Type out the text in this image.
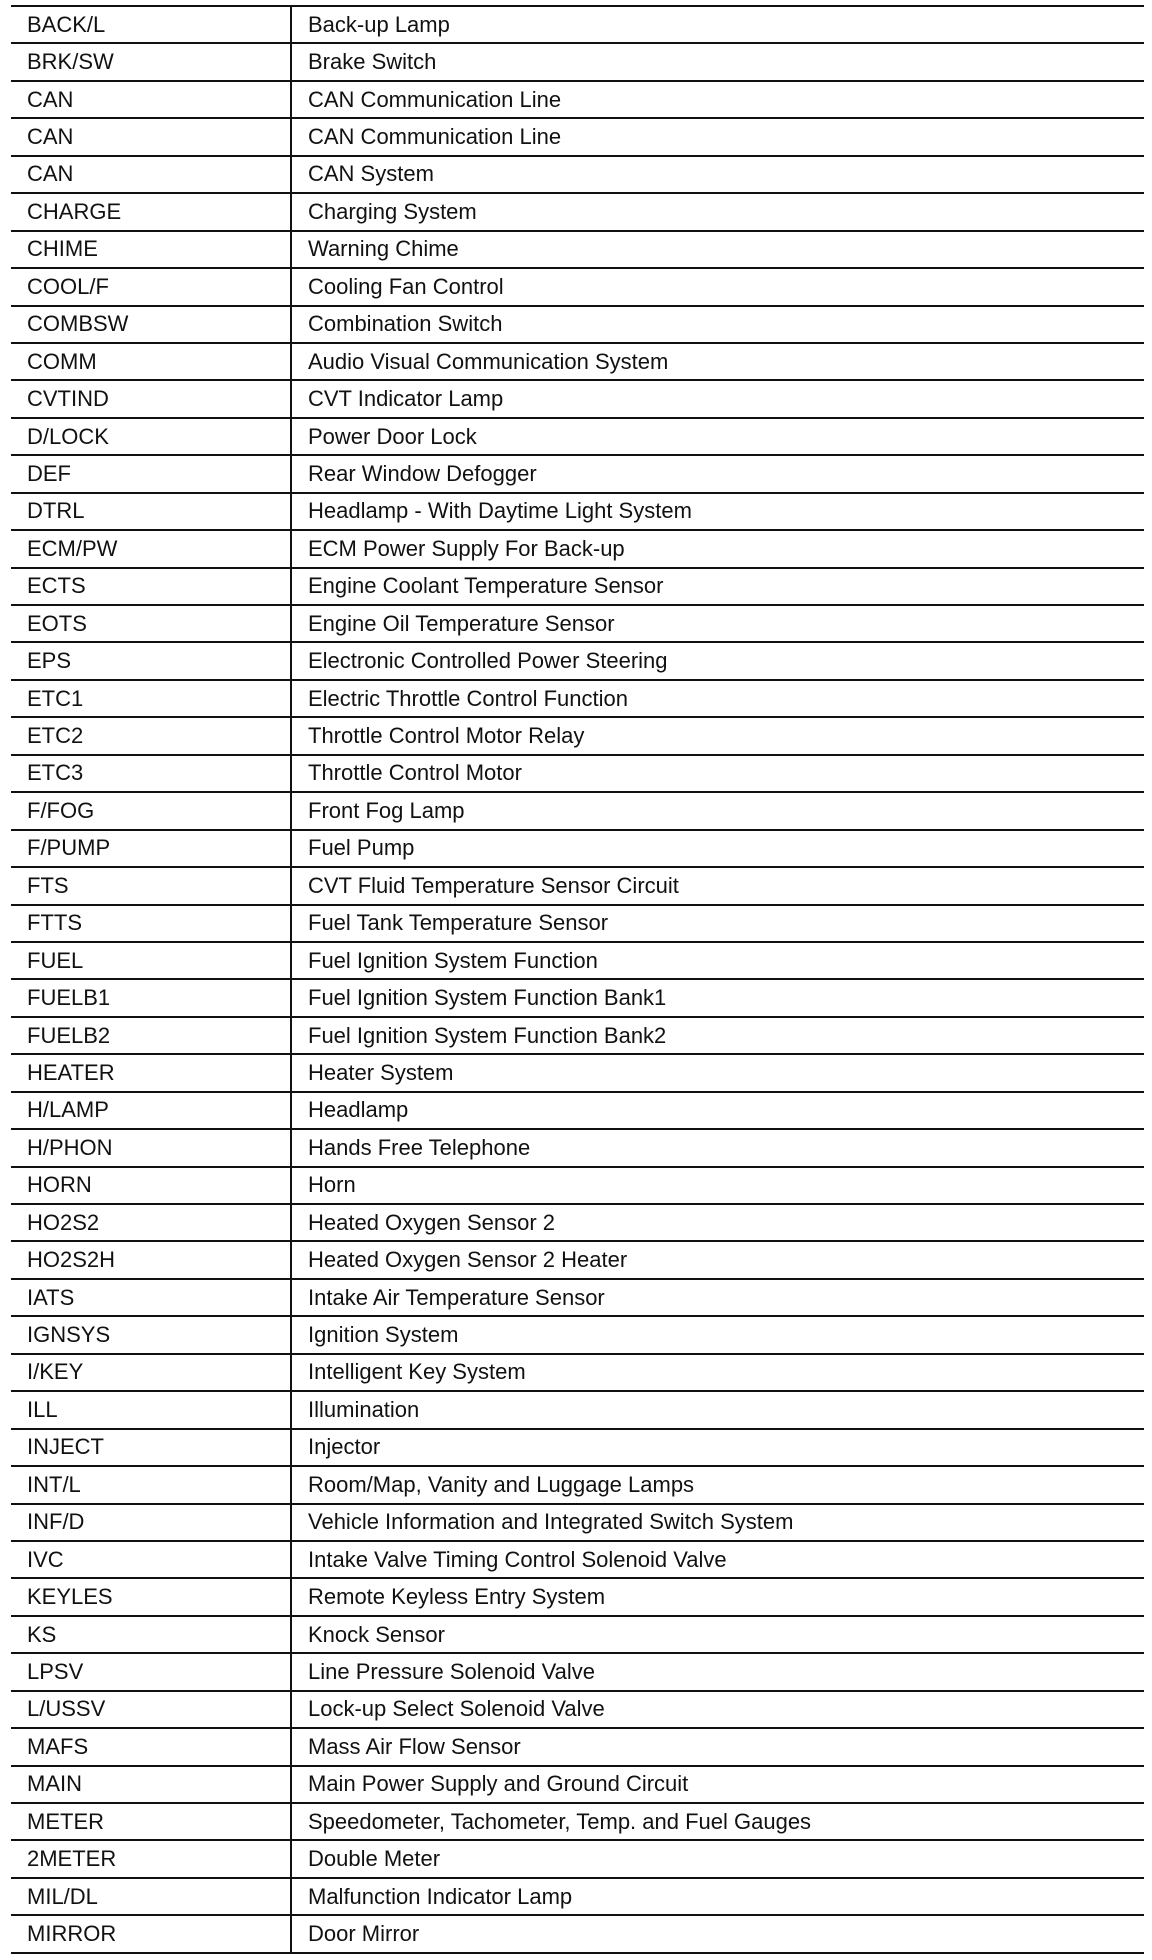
BACK/L	Back-up Lamp
BRK/SW	Brake Switch
CAN	CAN Communication Line
CAN	CAN Communication Line
CAN	CAN System
CHARGE	Charging System
CHIME	Warning Chime
COOL/F	Cooling Fan Control
COMBSW	Combination Switch
COMM	Audio Visual Communication System
CVTIND	CVT Indicator Lamp
D/LOCK	Power Door Lock
DEF	Rear Window Defogger
DTRL	Headlamp - With Daytime Light System
ECM/PW	ECM Power Supply For Back-up
ECTS	Engine Coolant Temperature Sensor
EOTS	Engine Oil Temperature Sensor
EPS	Electronic Controlled Power Steering
ETC1	Electric Throttle Control Function
ETC2	Throttle Control Motor Relay
ETC3	Throttle Control Motor
F/FOG	Front Fog Lamp
F/PUMP	Fuel Pump
FTS	CVT Fluid Temperature Sensor Circuit
FTTS	Fuel Tank Temperature Sensor
FUEL	Fuel Ignition System Function
FUELB1	Fuel Ignition System Function Bank1
FUELB2	Fuel Ignition System Function Bank2
HEATER	Heater System
H/LAMP	Headlamp
H/PHON	Hands Free Telephone
HORN	Horn
HO2S2	Heated Oxygen Sensor 2
HO2S2H	Heated Oxygen Sensor 2 Heater
IATS	Intake Air Temperature Sensor
IGNSYS	Ignition System
I/KEY	Intelligent Key System
ILL	Illumination
INJECT	Injector
INT/L	Room/Map, Vanity and Luggage Lamps
INF/D	Vehicle Information and Integrated Switch System
IVC	Intake Valve Timing Control Solenoid Valve
KEYLES	Remote Keyless Entry System
KS	Knock Sensor
LPSV	Line Pressure Solenoid Valve
L/USSV	Lock-up Select Solenoid Valve
MAFS	Mass Air Flow Sensor
MAIN	Main Power Supply and Ground Circuit
METER	Speedometer, Tachometer, Temp. and Fuel Gauges
2METER	Double Meter
MIL/DL	Malfunction Indicator Lamp
MIRROR	Door Mirror
